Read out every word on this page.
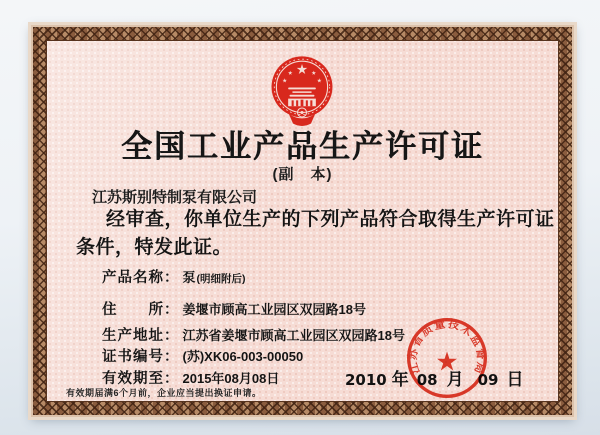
全国工业产品生产许可证
(副　本)
江苏斯别特制泵有限公司
经审查，你单位生产的下列产品符合取得生产许可证
条件，特发此证。
产品名称： 泵 (明细附后)
住　　所： 姜堰市顾高工业园区双园路18号
生产地址： 江苏省姜堰市顾高工业园区双园路18号
证书编号： (苏)XK06-003-00050
有效期至： 2015年08月08日
有效期届满6个月前，企业应当提出换证申请。
2010 年 08 月 09 日
江苏省质量技术监督局
